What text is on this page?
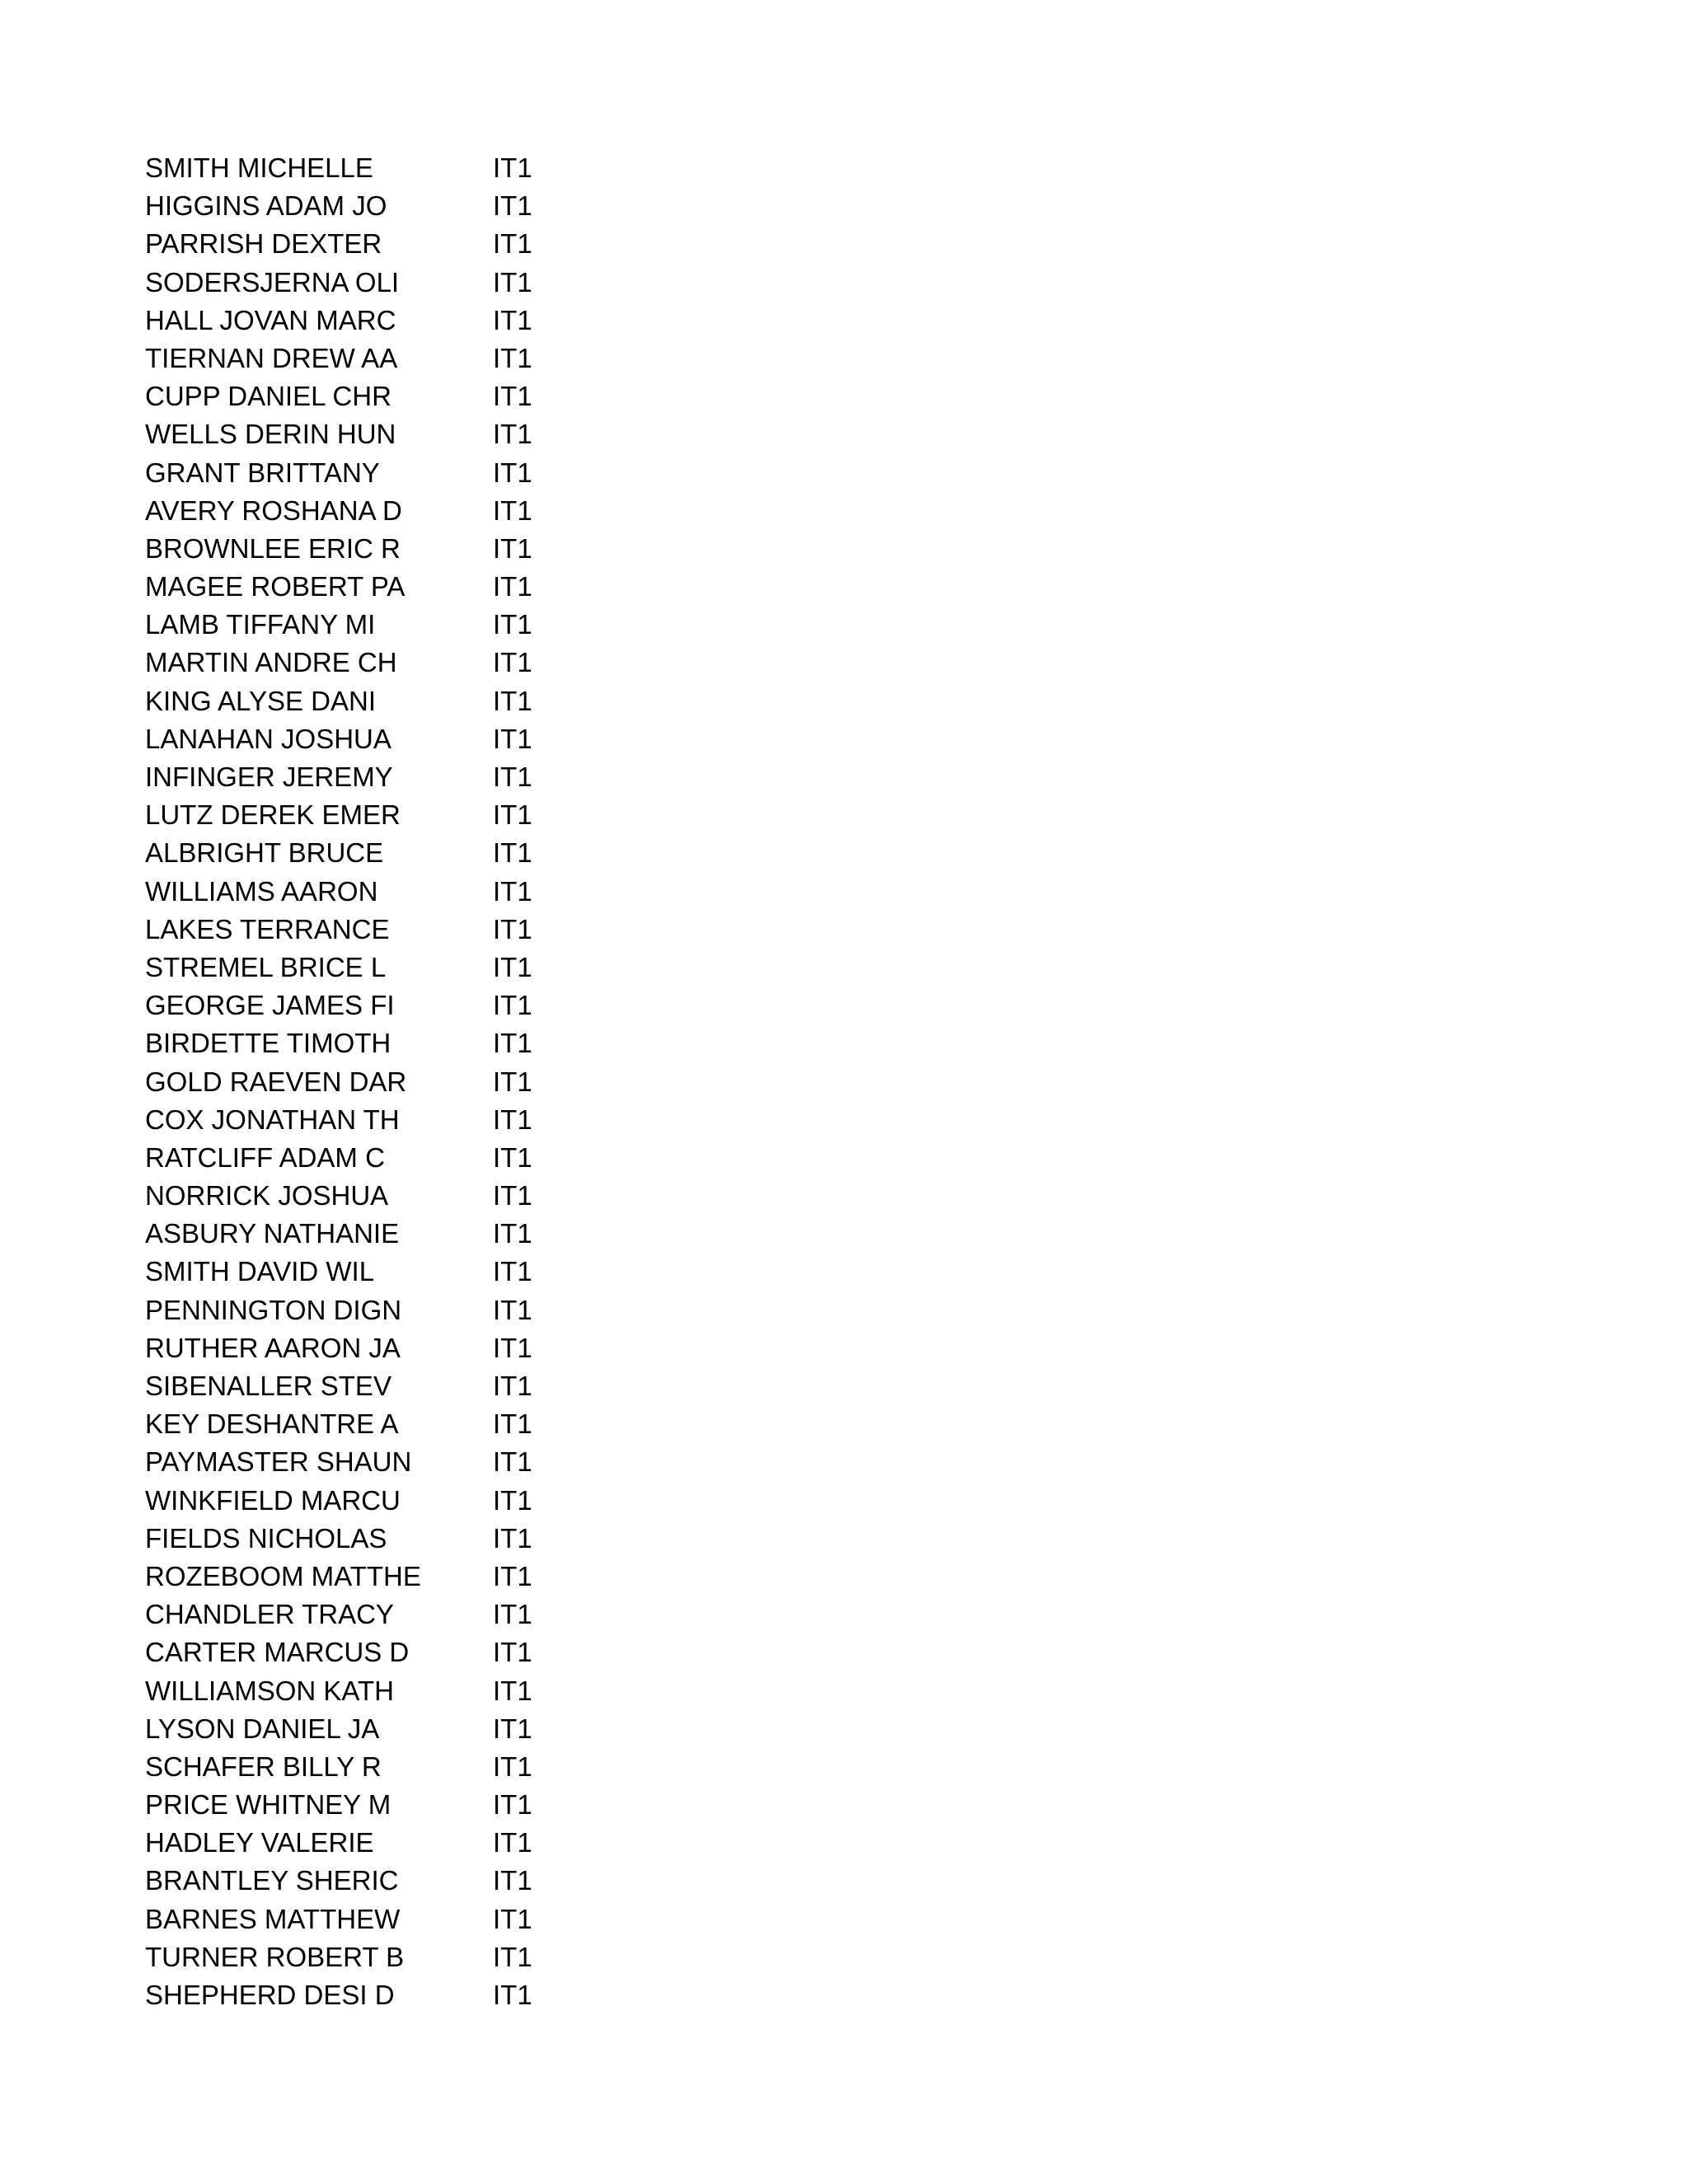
SMITH MICHELLE	IT1
HIGGINS ADAM JO	IT1
PARRISH DEXTER	IT1
SODERSJERNA OLI	IT1
HALL JOVAN MARC	IT1
TIERNAN DREW AA	IT1
CUPP DANIEL CHR	IT1
WELLS DERIN HUN	IT1
GRANT BRITTANY	IT1
AVERY ROSHANA D	IT1
BROWNLEE ERIC R	IT1
MAGEE ROBERT PA	IT1
LAMB TIFFANY MI	IT1
MARTIN ANDRE CH	IT1
KING ALYSE DANI	IT1
LANAHAN JOSHUA	IT1
INFINGER JEREMY	IT1
LUTZ DEREK EMER	IT1
ALBRIGHT BRUCE	IT1
WILLIAMS AARON	IT1
LAKES TERRANCE	IT1
STREMEL BRICE L	IT1
GEORGE JAMES FI	IT1
BIRDETTE TIMOTH	IT1
GOLD RAEVEN DAR	IT1
COX JONATHAN TH	IT1
RATCLIFF ADAM C	IT1
NORRICK JOSHUA	IT1
ASBURY NATHANIE	IT1
SMITH DAVID WIL	IT1
PENNINGTON DIGN	IT1
RUTHER AARON JA	IT1
SIBENALLER STEV	IT1
KEY DESHANTRE A	IT1
PAYMASTER SHAUN	IT1
WINKFIELD MARCU	IT1
FIELDS NICHOLAS	IT1
ROZEBOOM MATTHE	IT1
CHANDLER TRACY	IT1
CARTER MARCUS D	IT1
WILLIAMSON KATH	IT1
LYSON DANIEL JA	IT1
SCHAFER BILLY R	IT1
PRICE WHITNEY M	IT1
HADLEY VALERIE	IT1
BRANTLEY SHERIC	IT1
BARNES MATTHEW	IT1
TURNER ROBERT B	IT1
SHEPHERD DESI D	IT1
